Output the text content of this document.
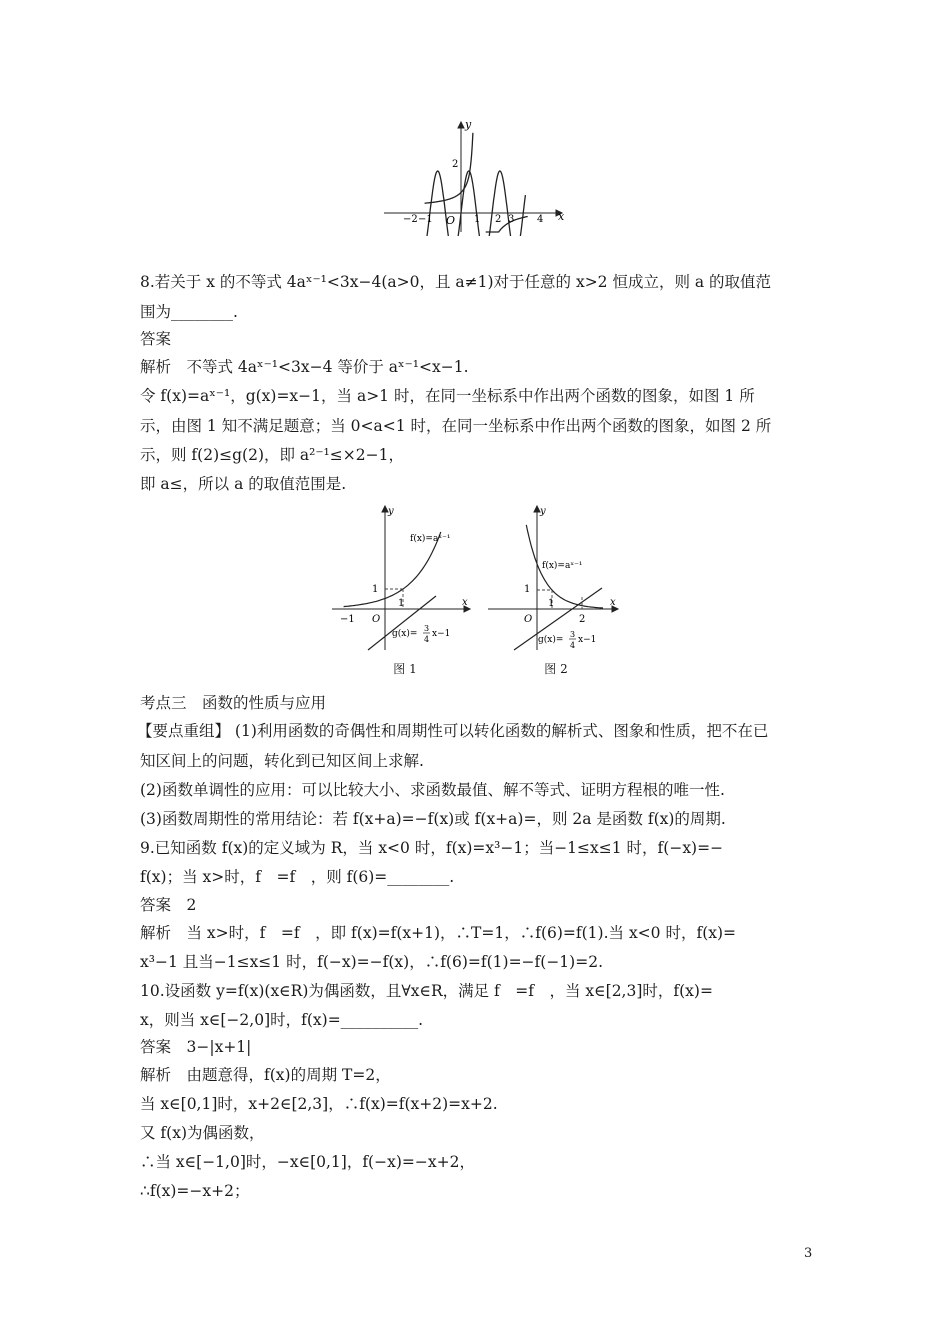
y
x
O
−2 −1	1 2 3 4
2
8.若关于 x 的不等式 4aˣ⁻¹<3x−4(a>0，且 a≠1)对于任意的 x>2 恒成立，则 a 的取值范
围为________.
答案
解析　不等式 4aˣ⁻¹<3x−4 等价于 aˣ⁻¹<x−1.
令 f(x)=aˣ⁻¹，g(x)=x−1，当 a>1 时，在同一坐标系中作出两个函数的图象，如图 1 所
示，由图 1 知不满足题意；当 0<a<1 时，在同一坐标系中作出两个函数的图象，如图 2 所
示，则 f(2)≤g(2)，即 a²⁻¹≤×2−1，
即 a≤，所以 a 的取值范围是.
y
x
O
−1
1
1
f(x)=aˣ⁻¹
g(x)=
3
4
x−1
图 1
y
x
O
1
2
1
f(x)=aˣ⁻¹
g(x)=
3
4
x−1
图 2
考点三　函数的性质与应用
【要点重组】 (1)利用函数的奇偶性和周期性可以转化函数的解析式、图象和性质，把不在已
知区间上的问题，转化到已知区间上求解.
(2)函数单调性的应用：可以比较大小、求函数最值、解不等式、证明方程根的唯一性.
(3)函数周期性的常用结论：若 f(x+a)=−f(x)或 f(x+a)=，则 2a 是函数 f(x)的周期.
9.已知函数 f(x)的定义域为 R，当 x<0 时，f(x)=x³−1；当−1≤x≤1 时，f(−x)=−
f(x)；当 x>时，f　=f　，则 f(6)=________.
答案　2
解析　当 x>时，f　=f　，即 f(x)=f(x+1)，∴T=1，∴f(6)=f(1).当 x<0 时，f(x)=
x³−1 且当−1≤x≤1 时，f(−x)=−f(x)，∴f(6)=f(1)=−f(−1)=2.
10.设函数 y=f(x)(x∈R)为偶函数，且∀x∈R，满足 f　=f　，当 x∈[2,3]时，f(x)=
x，则当 x∈[−2,0]时，f(x)=__________.
答案　3−|x+1|
解析　由题意得，f(x)的周期 T=2，
当 x∈[0,1]时，x+2∈[2,3]，∴f(x)=f(x+2)=x+2.
又 f(x)为偶函数，
∴当 x∈[−1,0]时，−x∈[0,1]，f(−x)=−x+2，
∴f(x)=−x+2；
3
